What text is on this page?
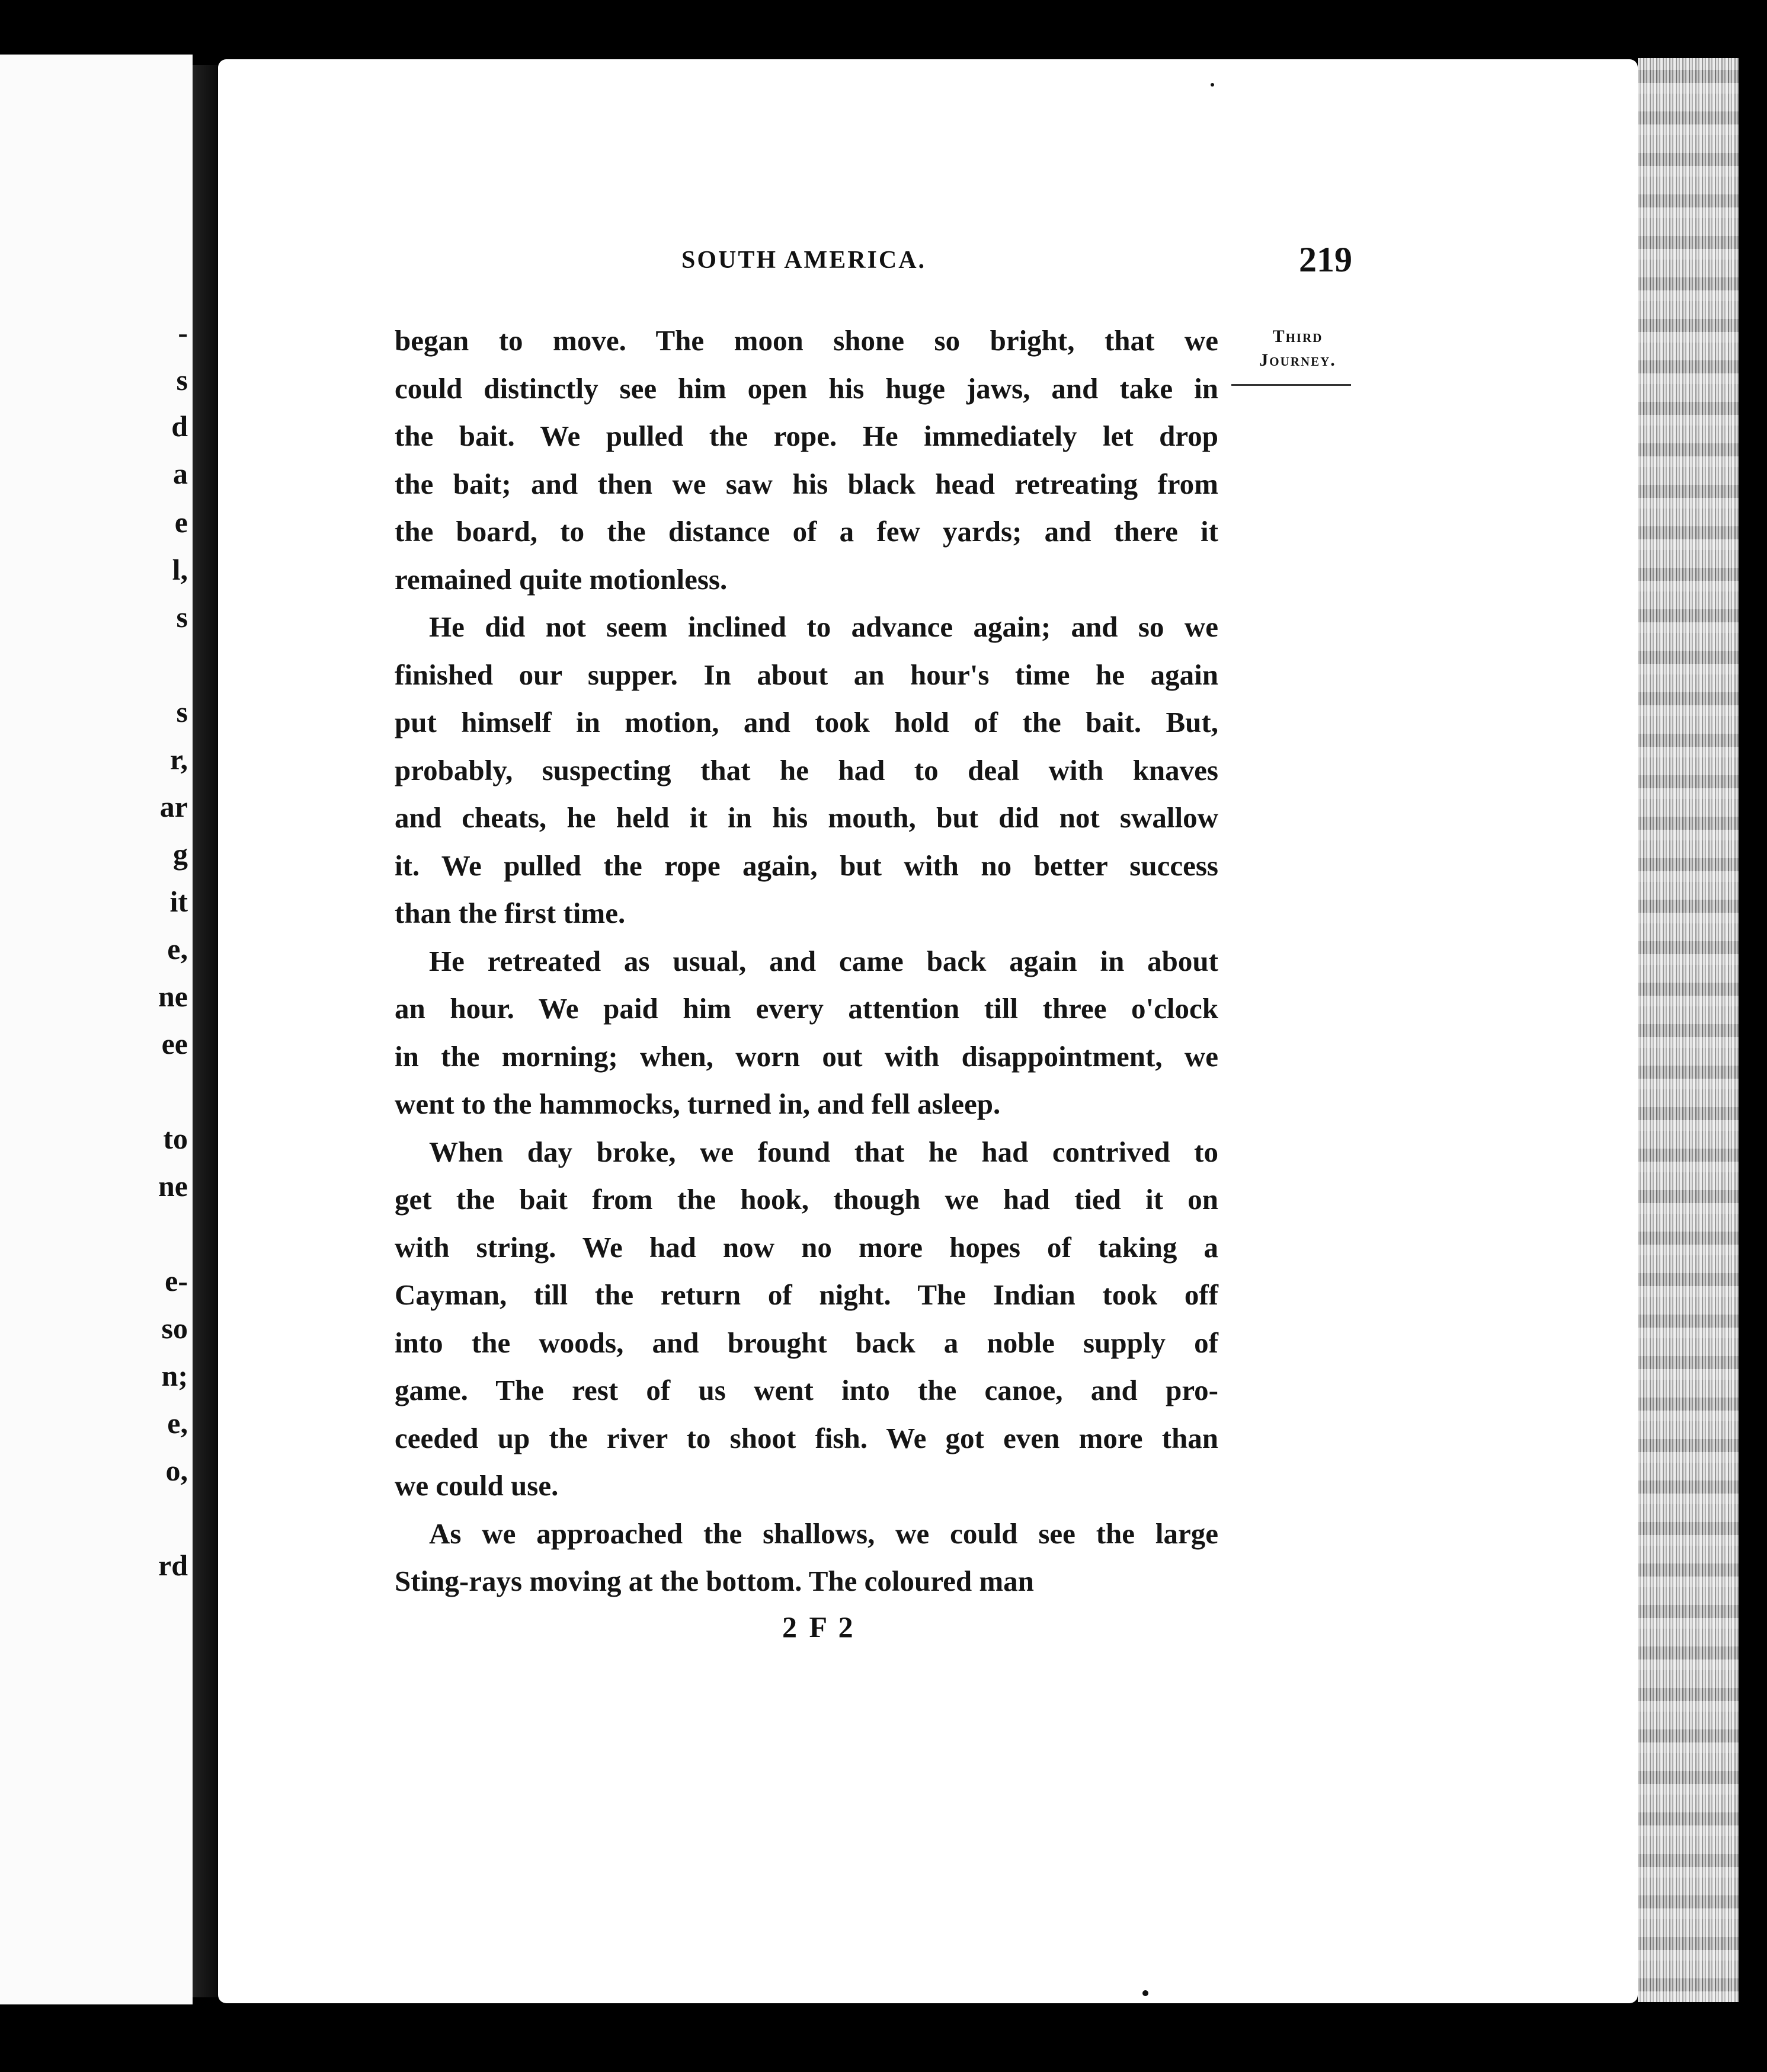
-
s
d
a
e
l,
s
s
r,
ar
g
it
e,
ne
ee
to
ne
e-
so
n;
e,
o,
rd
SOUTH AMERICA.	219
Third
Journey.
began to move. The moon shone so bright, that we
could distinctly see him open his huge jaws, and take in
the bait. We pulled the rope. He immediately let drop
the bait; and then we saw his black head retreating from
the board, to the distance of a few yards; and there it
remained quite motionless.
He did not seem inclined to advance again; and so we
finished our supper. In about an hour's time he again
put himself in motion, and took hold of the bait. But,
probably, suspecting that he had to deal with knaves
and cheats, he held it in his mouth, but did not swallow
it. We pulled the rope again, but with no better success
than the first time.
He retreated as usual, and came back again in about
an hour. We paid him every attention till three o'clock
in the morning; when, worn out with disappointment, we
went to the hammocks, turned in, and fell asleep.
When day broke, we found that he had contrived to
get the bait from the hook, though we had tied it on
with string. We had now no more hopes of taking a
Cayman, till the return of night. The Indian took off
into the woods, and brought back a noble supply of
game. The rest of us went into the canoe, and pro-
ceeded up the river to shoot fish. We got even more than
we could use.
As we approached the shallows, we could see the large
Sting-rays moving at the bottom. The coloured man
2 F 2
